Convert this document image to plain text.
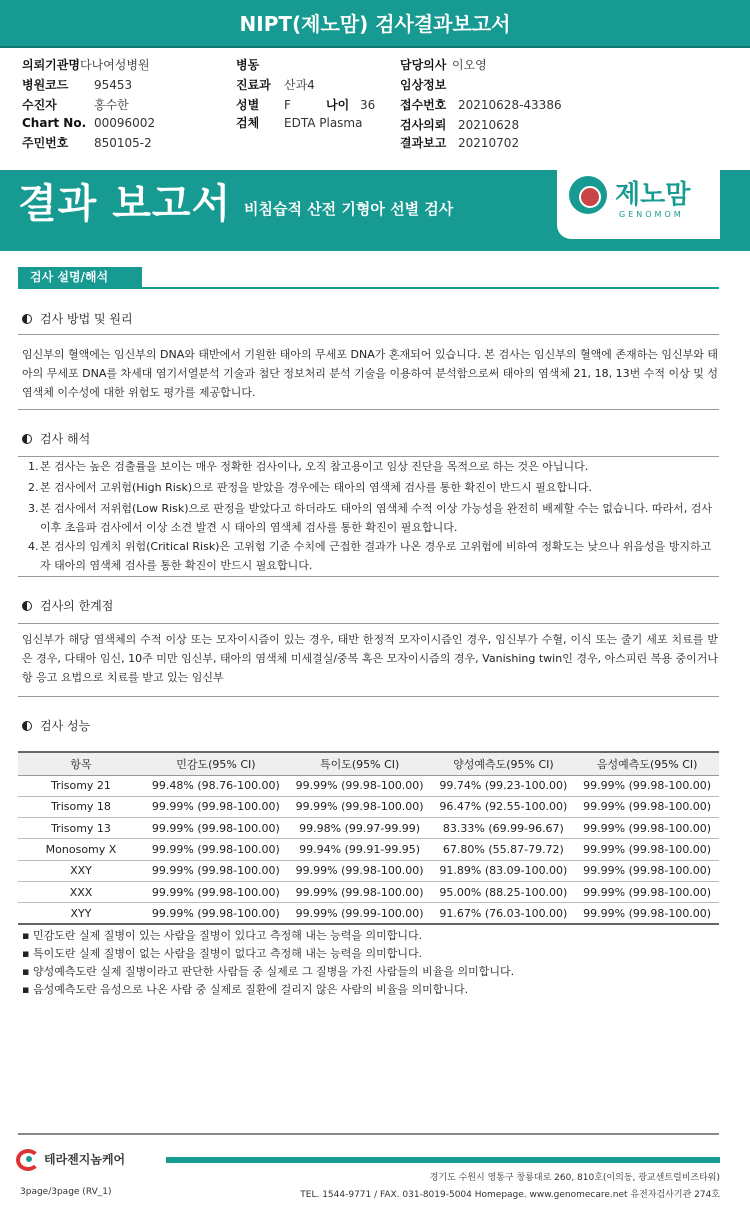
NIPT(제노맘) 검사결과보고서
의뢰기관명다나여성병원
병원코드 95453
수진자	홍수한
Chart No. 00096002
주민번호 850105-2
병동
진료과 산과4
성별 F	나이 36
검체 EDTA Plasma
담당의사 이오영
임상정보
접수번호 20210628-43386
검사의뢰 20210628
결과보고 20210702
결과 보고서 비침습적 산전 기형아 선별 검사	제노맘
GENOMOM
검사 설명/해석
검사 방법 및 원리
임신부의 혈액에는 임신부의 DNA와 태반에서 기원한 태아의 무세포 DNA가 혼재되어 있습니다. 본 검사는 임신부의 혈액에 존재하는 임신부와 태아의 무세포 DNA를 차세대 염기서열분석 기술과 첨단 정보처리 분석 기술을 이용하여 분석함으로써 태아의 염색체 21, 18, 13번 수적 이상 및 성염색체 이수성에 대한 위험도 평가를 제공합니다.
검사 해석
1. 본 검사는 높은 검출률을 보이는 매우 정확한 검사이나, 오직 참고용이고 임상 진단을 목적으로 하는 것은 아닙니다.
2. 본 검사에서 고위험(High Risk)으로 판정을 받았을 경우에는 태아의 염색체 검사를 통한 확진이 반드시 필요합니다.
3. 본 검사에서 저위험(Low Risk)으로 판정을 받았다고 하더라도 태아의 염색체 수적 이상 가능성을 완전히 배제할 수는 없습니다. 따라서, 검사 이후 초음파 검사에서 이상 소견 발견 시 태아의 염색체 검사를 통한 확진이 필요합니다.
4. 본 검사의 임계치 위험(Critical Risk)은 고위험 기준 수치에 근접한 결과가 나온 경우로 고위험에 비하여 정확도는 낮으나 위음성을 방지하고자 태아의 염색체 검사를 통한 확진이 반드시 필요합니다.
검사의 한계점
임신부가 해당 염색체의 수적 이상 또는 모자이시즘이 있는 경우, 태반 한정적 모자이시즘인 경우, 임신부가 수혈, 이식 또는 줄기 세포 치료를 받은 경우, 다태아 임신, 10주 미만 임신부, 태아의 염색체 미세결실/중복 혹은 모자이시즘의 경우, Vanishing twin인 경우, 아스피린 복용 중이거나 항 응고 요법으로 치료를 받고 있는 임신부
검사 성능
항목	민감도(95% CI)	특이도(95% CI)	양성예측도(95% CI)	음성예측도(95% CI)
Trisomy 21	99.48% (98.76-100.00)	99.99% (99.98-100.00)	99.74% (99.23-100.00)	99.99% (99.98-100.00)
Trisomy 18	99.99% (99.98-100.00)	99.99% (99.98-100.00)	96.47% (92.55-100.00)	99.99% (99.98-100.00)
Trisomy 13	99.99% (99.98-100.00)	99.98% (99.97-99.99)	83.33% (69.99-96.67)	99.99% (99.98-100.00)
Monosomy X	99.99% (99.98-100.00)	99.94% (99.91-99.95)	67.80% (55.87-79.72)	99.99% (99.98-100.00)
XXY	99.99% (99.98-100.00)	99.99% (99.98-100.00)	91.89% (83.09-100.00)	99.99% (99.98-100.00)
XXX	99.99% (99.98-100.00)	99.99% (99.98-100.00)	95.00% (88.25-100.00)	99.99% (99.98-100.00)
XYY	99.99% (99.98-100.00)	99.99% (99.99-100.00)	91.67% (76.03-100.00)	99.99% (99.98-100.00)
▪ 민감도란 실제 질병이 있는 사람을 질병이 있다고 측정해 내는 능력을 의미합니다.
▪ 특이도란 실제 질병이 없는 사람을 질병이 없다고 측정해 내는 능력을 의미합니다.
▪ 양성예측도란 실제 질병이라고 판단한 사람들 중 실제로 그 질병을 가진 사람들의 비율을 의미합니다.
▪ 음성예측도란 음성으로 나온 사람 중 실제로 질환에 걸리지 않은 사람의 비율을 의미합니다.
테라젠지놈케어
경기도 수원시 영통구 창룡대로 260, 810호(이의동, 광교센트럴비즈타워)
3page/3page (RV_1)	TEL. 1544-9771 / FAX. 031-8019-5004 Homepage. www.genomecare.net 유전자검사기관 274호
